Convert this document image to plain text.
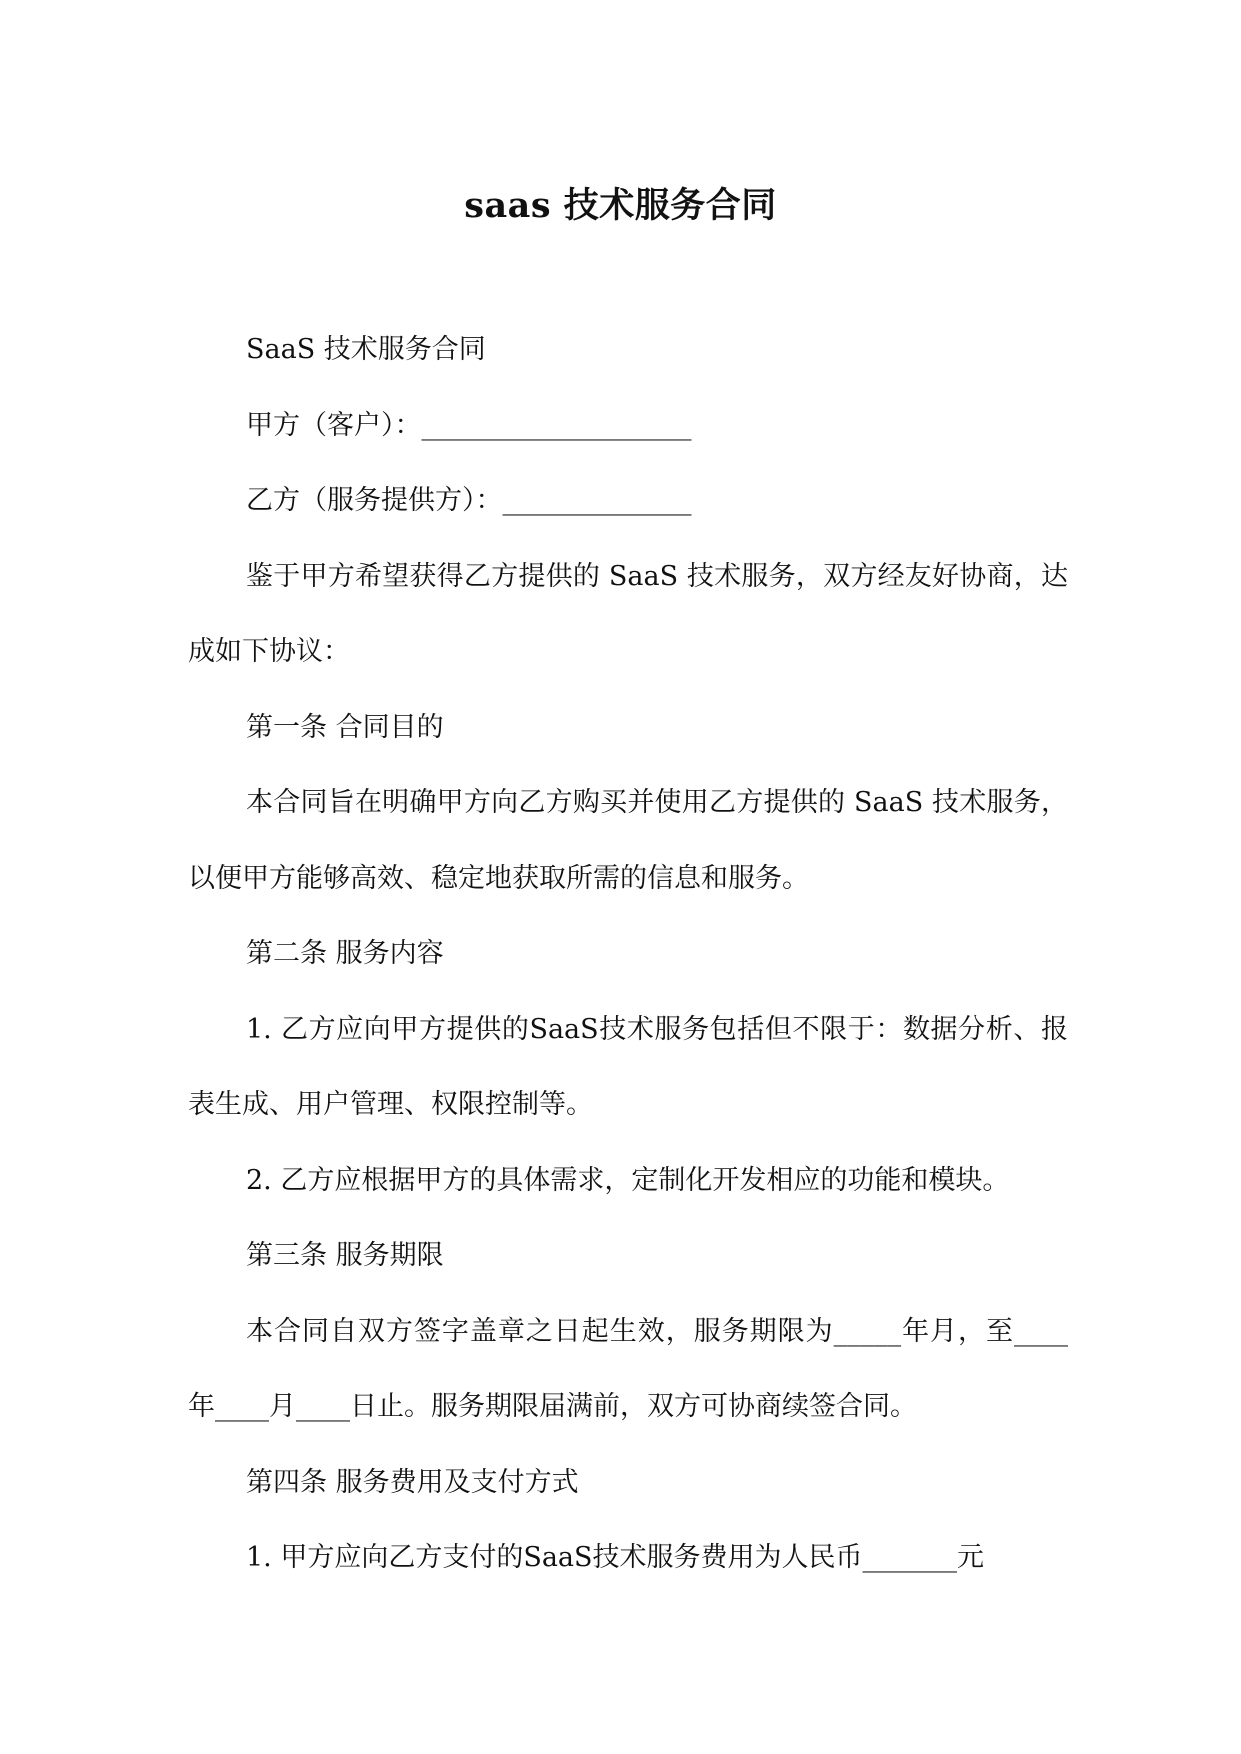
saas 技术服务合同

SaaS 技术服务合同

甲方（客户）：____________________

乙方（服务提供方）：______________

鉴于甲方希望获得乙方提供的 SaaS 技术服务，双方经友好协商，达成如下协议：

第一条 合同目的

本合同旨在明确甲方向乙方购买并使用乙方提供的 SaaS 技术服务，以便甲方能够高效、稳定地获取所需的信息和服务。

第二条 服务内容

1. 乙方应向甲方提供的SaaS技术服务包括但不限于：数据分析、报表生成、用户管理、权限控制等。

2. 乙方应根据甲方的具体需求，定制化开发相应的功能和模块。

第三条 服务期限

本合同自双方签字盖章之日起生效，服务期限为_____年月，至____年____月____日止。服务期限届满前，双方可协商续签合同。

第四条 服务费用及支付方式

1. 甲方应向乙方支付的SaaS技术服务费用为人民币_______元
